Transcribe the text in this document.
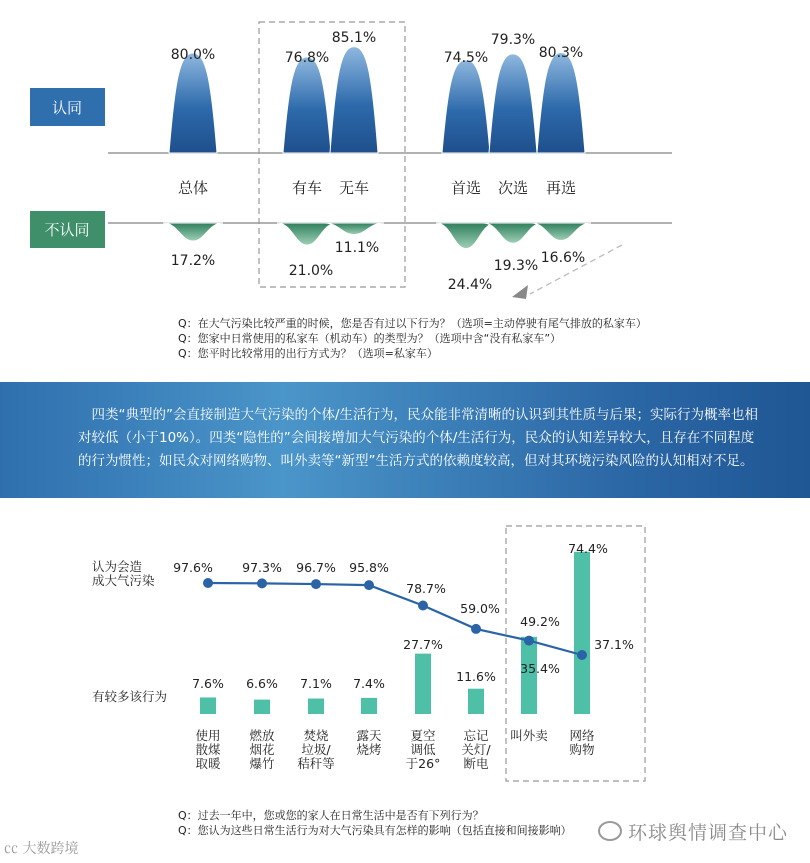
认同
不认同
80.0%
17.2%
总体
76.8%
21.0%
有车
85.1%
11.1%
无车
74.5%
24.4%
首选
79.3%
19.3%
次选
80.3%
16.6%
再选
Q：在大气污染比较严重的时候，您是否有过以下行为？（选项=主动停驶有尾气排放的私家车）
Q：您家中日常使用的私家车（机动车）的类型为？（选项中含“没有私家车”）
Q：您平时比较常用的出行方式为？（选项=私家车）
四类“典型的”会直接制造大气污染的个体/生活行为，民众能非常清晰的认识到其性质与后果；实际行为概率也相对较低（小于10%）。四类“隐性的”会间接增加大气污染的个体/生活行为，民众的认知差异较大，且存在不同程度的行为惯性；如民众对网络购物、叫外卖等“新型”生活方式的依赖度较高，但对其环境污染风险的认知相对不足。
认为会造 成大气污染
有较多该行为
97.6% 97.3% 96.7% 95.8%
78.7%
59.0%
49.2%
37.1%
7.6% 6.6% 7.1% 7.4%
27.7%
11.6%
35.4%
74.4%
使用散煤取暖
燃放烟花爆竹
焚烧垃圾/秸秆等
露天烧烤
夏空调低于26°
忘记关灯/断电
叫外卖 网络购物
Q：过去一年中，您或您的家人在日常生活中是否有下列行为？
Q：您认为这些日常生活行为对大气污染具有怎样的影响（包括直接和间接影响）
㏄ 大数跨境
环球舆情调查中心
